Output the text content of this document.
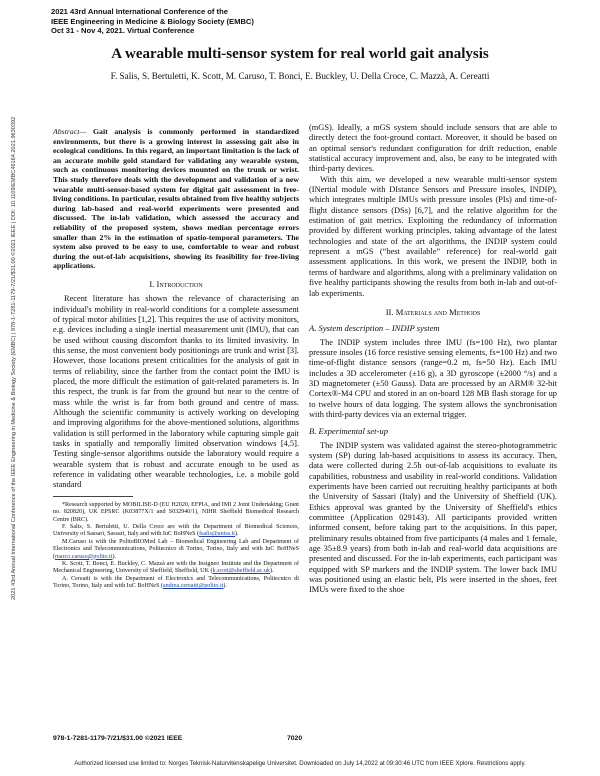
2021 43rd Annual International Conference of the
IEEE Engineering in Medicine & Biology Society (EMBC)
Oct 31 - Nov 4, 2021. Virtual Conference
2021 43rd Annual International Conference of the IEEE Engineering in Medicine & Biology Society (EMBC) | 978-1-7281-1179-7/21/$31.00 ©2021 IEEE | DOI: 10.1109/EMBC46164.2021.9630392
A wearable multi-sensor system for real world gait analysis
F. Salis, S. Bertuletti, K. Scott, M. Caruso, T. Bonci, E. Buckley, U. Della Croce, C. Mazzà, A. Cereatti
Abstract— Gait analysis is commonly performed in standardized environments, but there is a growing interest in assessing gait also in ecological conditions. In this regard, an important limitation is the lack of an accurate mobile gold standard for validating any wearable system, such as continuous monitoring devices mounted on the trunk or wrist. This study therefore deals with the development and validation of a new wearable multi-sensor-based system for digital gait assessment in free-living conditions. In particular, results obtained from five healthy subjects during lab-based and real-world experiments were presented and discussed. The in-lab validation, which assessed the accuracy and reliability of the proposed system, shows median percentage errors smaller than 2% in the estimation of spatio-temporal parameters. The system also proved to be easy to use, comfortable to wear and robust during the out-of-lab acquisitions, showing its feasibility for free-living applications.
I. Introduction

Recent literature has shown the relevance of characterising an individual's mobility in real-world conditions for a complete assessment of typical motor abilities [1,2]. This requires the use of activity monitors, e.g. devices including a single inertial measurement unit (IMU), that can be used without causing discomfort thanks to its limited invasivity. In this sense, the most convenient body positionings are trunk and wrist [3]. However, those locations present criticalities for the analysis of gait in terms of reliability, since the farther from the contact point the IMU is placed, the more difficult the estimation of gait-related parameters is. In this respect, the trunk is far from the ground but near to the centre of mass while the wrist is far from both ground and centre of mass. Although the scientific community is actively working on developing and improving algorithms for the above-mentioned solutions, algorithms validation is still performed in the laboratory while capturing simple gait tasks in spatially and temporally limited observation windows [4,5]. Testing single-sensor algorithms outside the laboratory would require a wearable system that is robust and accurate enough to be used as reference in validating other wearable technologies, i.e. a mobile gold standard

*Research supported by MOBILISE-D (EU H2020, EFPIA, and IMI 2 Joint Undertaking; Grant no. 820820), UK EPSRC (K03877X/1 and S032940/1), NIHR Sheffield Biomedical Research Centre (BRC).

F. Salis, S. Bertuletti, U. Della Croce are with the Department of Biomedical Sciences, University of Sassari, Sassari, Italy and with IuC BoHNeS (fsalis@uniss.it).

M.Caruso is with the PolitoBIOMed Lab – Biomedical Engineering Lab and Department of Electronics and Telecommunications, Politecnico di Torino, Torino, Italy and with IuC BoHNeS (marco.caruso@polito.it).

K. Scott, T. Bonci, E. Buckley, C. Mazzà are with the Insigneo Institute and the Department of Mechanical Engineering, University of Sheffield, Sheffield, UK (k.scott@sheffield.ac.uk).

A. Cereatti is with the Department of Electronics and Telecommunications, Politecnico di Torino, Torino, Italy and with IuC BoHNeS (andrea.cereatti@polito.it).

(mGS). Ideally, a mGS system should include sensors that are able to directly detect the foot-ground contact. Moreover, it should be based on an optimal sensor's redundant configuration for drift reduction, enable statistical accuracy improvement and, also, be easy to be integrated with third-party devices.

With this aim, we developed a new wearable multi-sensor system (INertial module with DIstance Sensors and Pressure insoles, INDIP), which integrates multiple IMUs with pressure insoles (PIs) and time-of-flight distance sensors (DSs) [6,7], and the relative algorithm for the estimation of gait metrics. Exploiting the redundancy of information provided by different working principles, taking advantage of the latest technologies and state of the art algorithms, the INDIP system could represent a mGS (“best available” reference) for real-world gait assessment applications. In this work, we present the INDIP, both in terms of hardware and algorithms, along with a preliminary validation on five healthy participants showing the results from both in-lab and out-of-lab experiments.

II. Materials and Methods
A. System description – INDIP system

The INDIP system includes three IMU (fs=100 Hz), two plantar pressure insoles (16 force resistive sensing elements, fs=100 Hz) and two time-of-flight distance sensors (range=0.2 m, fs=50 Hz). Each IMU includes a 3D accelerometer (±16 g), a 3D gyroscope (±2000 °/s) and a 3D magnetometer (±50 Gauss). Data are processed by an ARM® 32-bit Cortex®-M4 CPU and stored in an on-board 128 MB flash storage for up to twelve hours of data logging. The system allows the synchronisation with third-party devices via an external trigger.

B. Experimental set-up

The INDIP system was validated against the stereo-photogrammetric system (SP) during lab-based acquisitions to assess its accuracy. Then, data were collected during 2.5h out-of-lab acquisitions to evaluate its capabilities, robustness and usability in real-world conditions. Validation experiments have been carried out recruiting healthy participants at both the University of Sassari (Italy) and the University of Sheffield (UK). Ethics approval was granted by the University of Sheffield's ethics committee (Application 029143). All participants provided written informed consent, before taking part to the acquisitions. In this paper, preliminary results obtained from five participants (4 males and 1 female, age 35±8.9 years) from both in-lab and real-world data acquisitions are presented and discussed. For the in-lab experiments, each participant was equipped with SP markers and the INDIP system. The lower back IMU was positioned using an elastic belt, PIs were inserted in the shoes, feet IMUs were fixed to the shoe

978-1-7281-1179-7/21/$31.00 ©2021 IEEE	7020
Authorized licensed use limited to: Norges Teknisk-Naturvitenskapelige Universitet. Downloaded on July 14,2022 at 09:30:46 UTC from IEEE Xplore. Restrictions apply.
